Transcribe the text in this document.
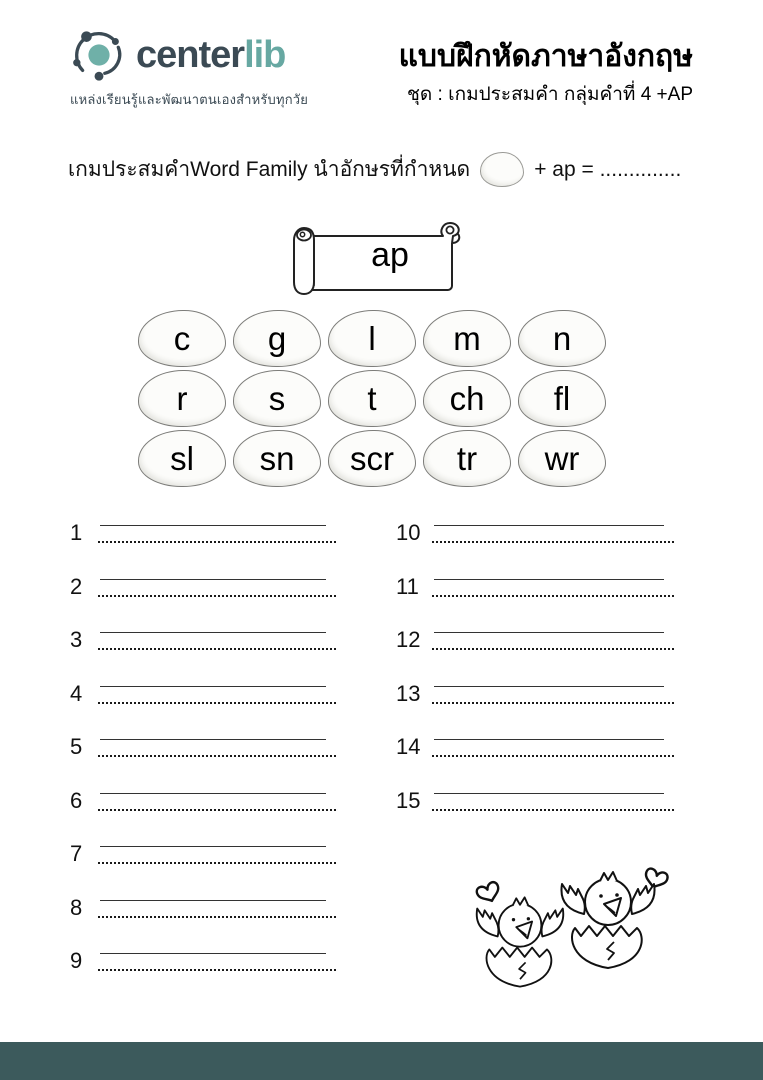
centerlib
แหล่งเรียนรู้และพัฒนาตนเองสำหรับทุกวัย
แบบฝึกหัดภาษาอังกฤษ
ชุด : เกมประสมคำ กลุ่มคำที่ 4 +AP
เกมประสมคำWord Family นำอักษรที่กำหนด	+ ap = ..............
ap
c g l m n
r s t ch fl
sl sn scr tr wr
1
2
3
4
5
6
7
8
9
10
11
12
13
14
15
